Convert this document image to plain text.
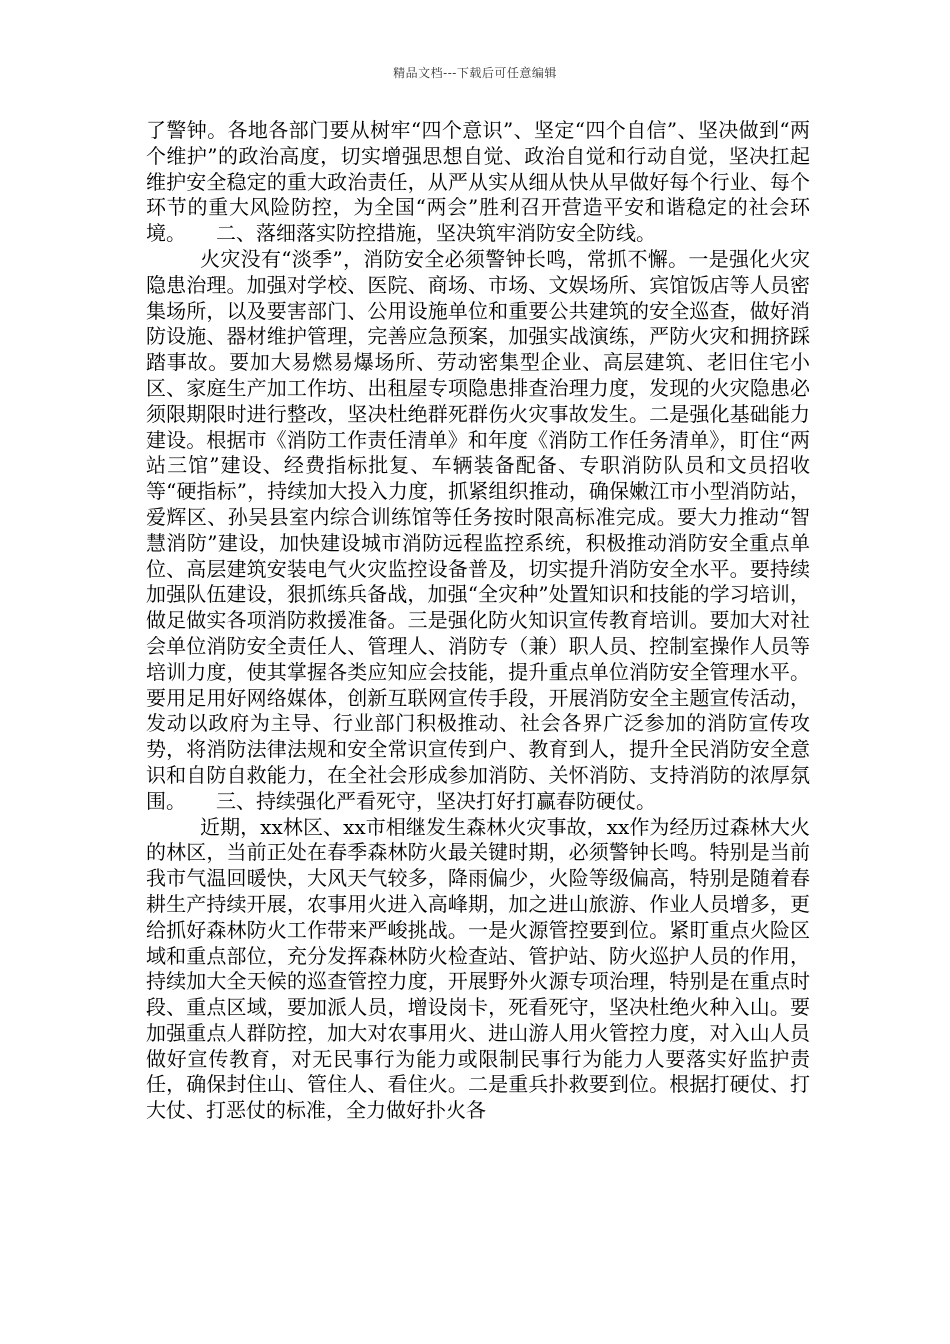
精品文档---下载后可任意编辑

了警钟。各地各部门要从树牢“四个意识”、坚定“四个自信”、坚决做到“两个维护”的政治高度，切实增强思想自觉、政治自觉和行动自觉，坚决扛起维护安全稳定的重大政治责任，从严从实从细从快从早做好每个行业、每个环节的重大风险防控，为全国“两会”胜利召开营造平安和谐稳定的社会环境。　　二、落细落实防控措施，坚决筑牢消防安全防线。

火灾没有“淡季”，消防安全必须警钟长鸣，常抓不懈。一是强化火灾隐患治理。加强对学校、医院、商场、市场、文娱场所、宾馆饭店等人员密集场所，以及要害部门、公用设施单位和重要公共建筑的安全巡查，做好消防设施、器材维护管理，完善应急预案，加强实战演练，严防火灾和拥挤踩踏事故。要加大易燃易爆场所、劳动密集型企业、高层建筑、老旧住宅小区、家庭生产加工作坊、出租屋专项隐患排查治理力度，发现的火灾隐患必须限期限时进行整改，坚决杜绝群死群伤火灾事故发生。二是强化基础能力建设。根据市《消防工作责任清单》和年度《消防工作任务清单》，盯住“两站三馆”建设、经费指标批复、车辆装备配备、专职消防队员和文员招收等“硬指标”，持续加大投入力度，抓紧组织推动，确保嫩江市小型消防站，爱辉区、孙吴县室内综合训练馆等任务按时限高标准完成。要大力推动“智慧消防”建设，加快建设城市消防远程监控系统，积极推动消防安全重点单位、高层建筑安装电气火灾监控设备普及，切实提升消防安全水平。要持续加强队伍建设，狠抓练兵备战，加强“全灾种”处置知识和技能的学习培训，做足做实各项消防救援准备。三是强化防火知识宣传教育培训。要加大对社会单位消防安全责任人、管理人、消防专（兼）职人员、控制室操作人员等培训力度，使其掌握各类应知应会技能，提升重点单位消防安全管理水平。要用足用好网络媒体，创新互联网宣传手段，开展消防安全主题宣传活动，发动以政府为主导、行业部门积极推动、社会各界广泛参加的消防宣传攻势，将消防法律法规和安全常识宣传到户、教育到人，提升全民消防安全意识和自防自救能力，在全社会形成参加消防、关怀消防、支持消防的浓厚氛围。　　三、持续强化严看死守，坚决打好打赢春防硬仗。

近期，xx林区、xx市相继发生森林火灾事故，xx作为经历过森林大火的林区，当前正处在春季森林防火最关键时期，必须警钟长鸣。特别是当前我市气温回暖快，大风天气较多，降雨偏少，火险等级偏高，特别是随着春耕生产持续开展，农事用火进入高峰期，加之进山旅游、作业人员增多，更给抓好森林防火工作带来严峻挑战。一是火源管控要到位。紧盯重点火险区域和重点部位，充分发挥森林防火检查站、管护站、防火巡护人员的作用，持续加大全天候的巡查管控力度，开展野外火源专项治理，特别是在重点时段、重点区域，要加派人员，增设岗卡，死看死守，坚决杜绝火种入山。要加强重点人群防控，加大对农事用火、进山游人用火管控力度，对入山人员做好宣传教育，对无民事行为能力或限制民事行为能力人要落实好监护责任，确保封住山、管住人、看住火。二是重兵扑救要到位。根据打硬仗、打大仗、打恶仗的标准，全力做好扑火各
